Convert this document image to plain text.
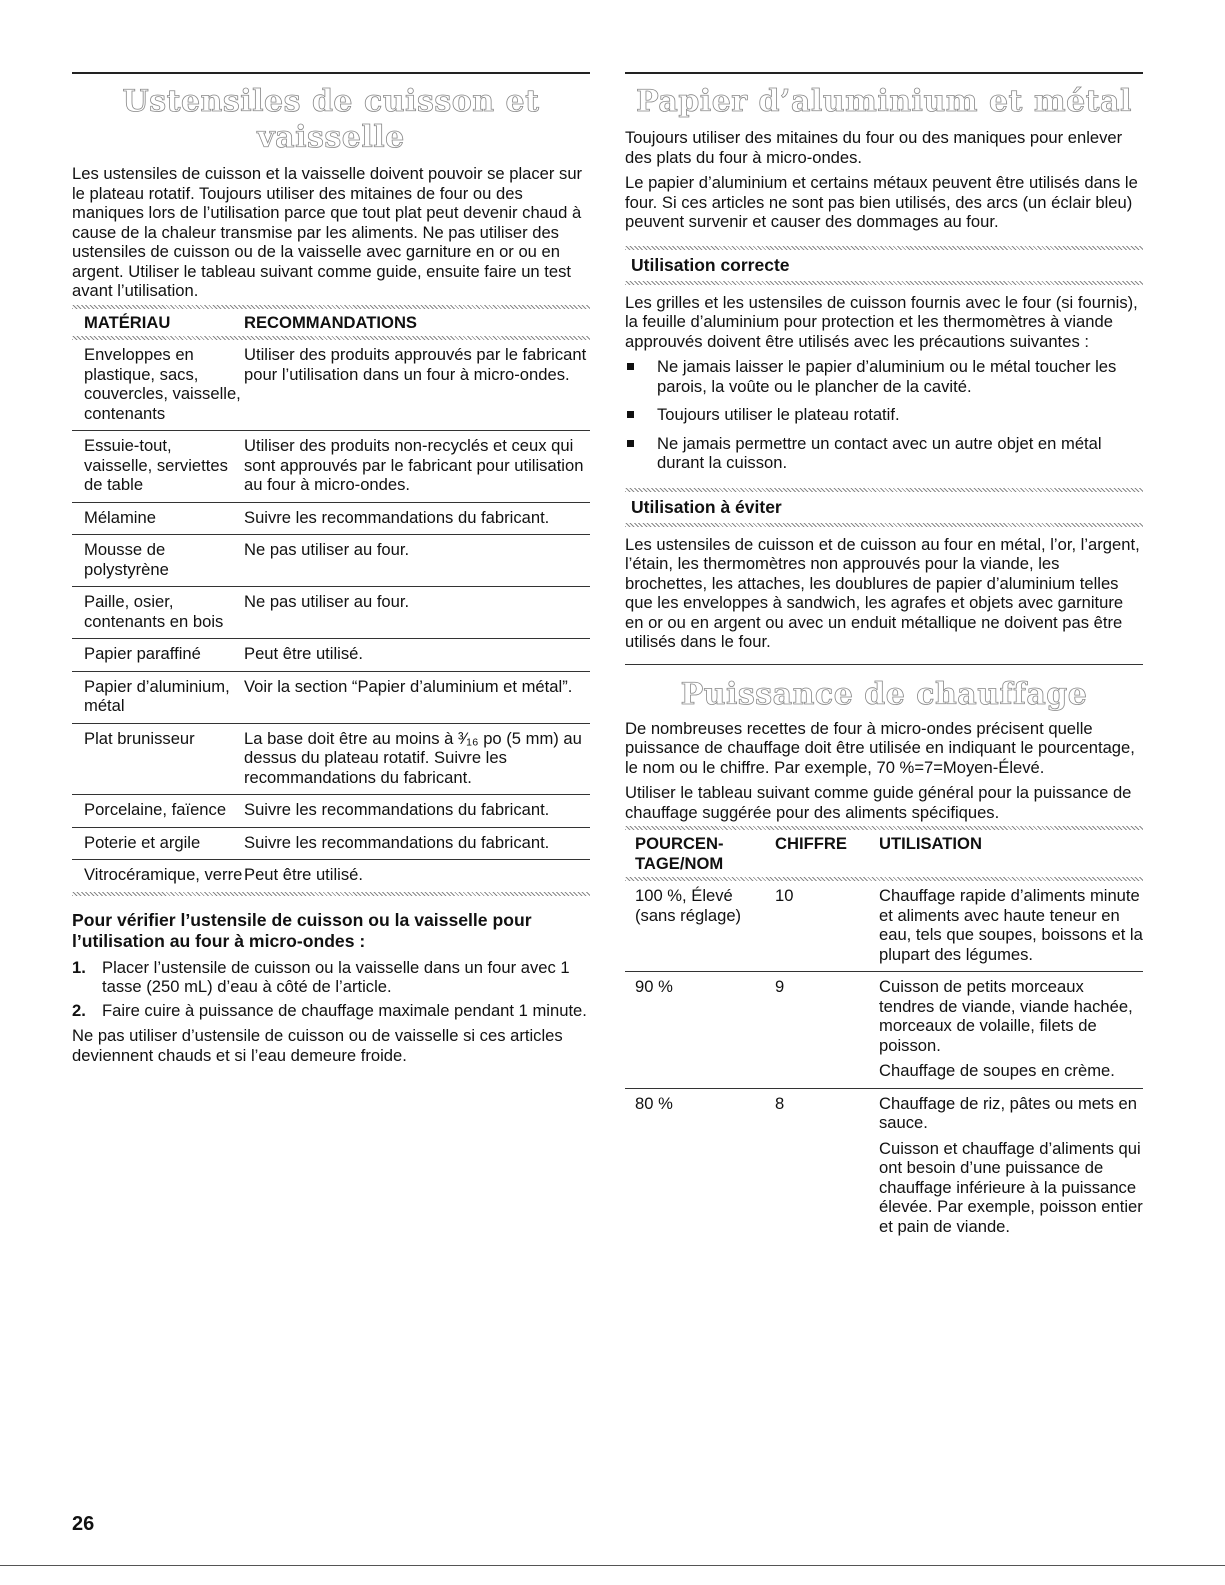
Ustensiles de cuisson et vaisselle

Les ustensiles de cuisson et la vaisselle doivent pouvoir se placer sur le plateau rotatif. Toujours utiliser des mitaines de four ou des maniques lors de l’utilisation parce que tout plat peut devenir chaud à cause de la chaleur transmise par les aliments. Ne pas utiliser des ustensiles de cuisson ou de la vaisselle avec garniture en or ou en argent. Utiliser le tableau suivant comme guide, ensuite faire un test avant l’utilisation.

MATÉRIAU	RECOMMANDATIONS
Enveloppes en plastique, sacs, couvercles, vaisselle, contenants	Utiliser des produits approuvés par le fabricant pour l’utilisation dans un four à micro-ondes.
Essuie-tout, vaisselle, serviettes de table	Utiliser des produits non-recyclés et ceux qui sont approuvés par le fabricant pour utilisation au four à micro-ondes.
Mélamine	Suivre les recommandations du fabricant.
Mousse de polystyrène	Ne pas utiliser au four.
Paille, osier, contenants en bois	Ne pas utiliser au four.
Papier paraffiné	Peut être utilisé.
Papier d’aluminium, métal	Voir la section “Papier d’aluminium et métal”.
Plat brunisseur	La base doit être au moins à ³⁄₁₆ po (5 mm) au dessus du plateau rotatif. Suivre les recommandations du fabricant.
Porcelaine, faïence	Suivre les recommandations du fabricant.
Poterie et argile	Suivre les recommandations du fabricant.
Vitrocéramique, verre	Peut être utilisé.

Pour vérifier l’ustensile de cuisson ou la vaisselle pour l’utilisation au four à micro-ondes :

1. Placer l’ustensile de cuisson ou la vaisselle dans un four avec 1 tasse (250 mL) d’eau à côté de l’article.
2. Faire cuire à puissance de chauffage maximale pendant 1 minute.

Ne pas utiliser d’ustensile de cuisson ou de vaisselle si ces articles deviennent chauds et si l’eau demeure froide.

Papier d’aluminium et métal

Toujours utiliser des mitaines du four ou des maniques pour enlever des plats du four à micro-ondes.

Le papier d’aluminium et certains métaux peuvent être utilisés dans le four. Si ces articles ne sont pas bien utilisés, des arcs (un éclair bleu) peuvent survenir et causer des dommages au four.

Utilisation correcte

Les grilles et les ustensiles de cuisson fournis avec le four (si fournis), la feuille d’aluminium pour protection et les thermomètres à viande approuvés doivent être utilisés avec les précautions suivantes :

Ne jamais laisser le papier d’aluminium ou le métal toucher les parois, la voûte ou le plancher de la cavité.
Toujours utiliser le plateau rotatif.
Ne jamais permettre un contact avec un autre objet en métal durant la cuisson.
Utilisation à éviter

Les ustensiles de cuisson et de cuisson au four en métal, l’or, l’argent, l’étain, les thermomètres non approuvés pour la viande, les brochettes, les attaches, les doublures de papier d’aluminium telles que les enveloppes à sandwich, les agrafes et objets avec garniture en or ou en argent ou avec un enduit métallique ne doivent pas être utilisés dans le four.

Puissance de chauffage

De nombreuses recettes de four à micro-ondes précisent quelle puissance de chauffage doit être utilisée en indiquant le pourcentage, le nom ou le chiffre. Par exemple, 70 %=7=Moyen-Élevé.

Utiliser le tableau suivant comme guide général pour la puissance de chauffage suggérée pour des aliments spécifiques.

POURCEN-TAGE/NOM	CHIFFRE	UTILISATION
100 %, Élevé (sans réglage)	10	Chauffage rapide d’aliments minute et aliments avec haute teneur en eau, tels que soupes, boissons et la plupart des légumes.

90 %	9	Cuisson de petits morceaux tendres de viande, viande hachée, morceaux de volaille, filets de poisson.
Chauffage de soupes en crème.

80 %	8	Chauffage de riz, pâtes ou mets en sauce.
Cuisson et chauffage d’aliments qui ont besoin d’une puissance de chauffage inférieure à la puissance élevée. Par exemple, poisson entier et pain de viande.
26
